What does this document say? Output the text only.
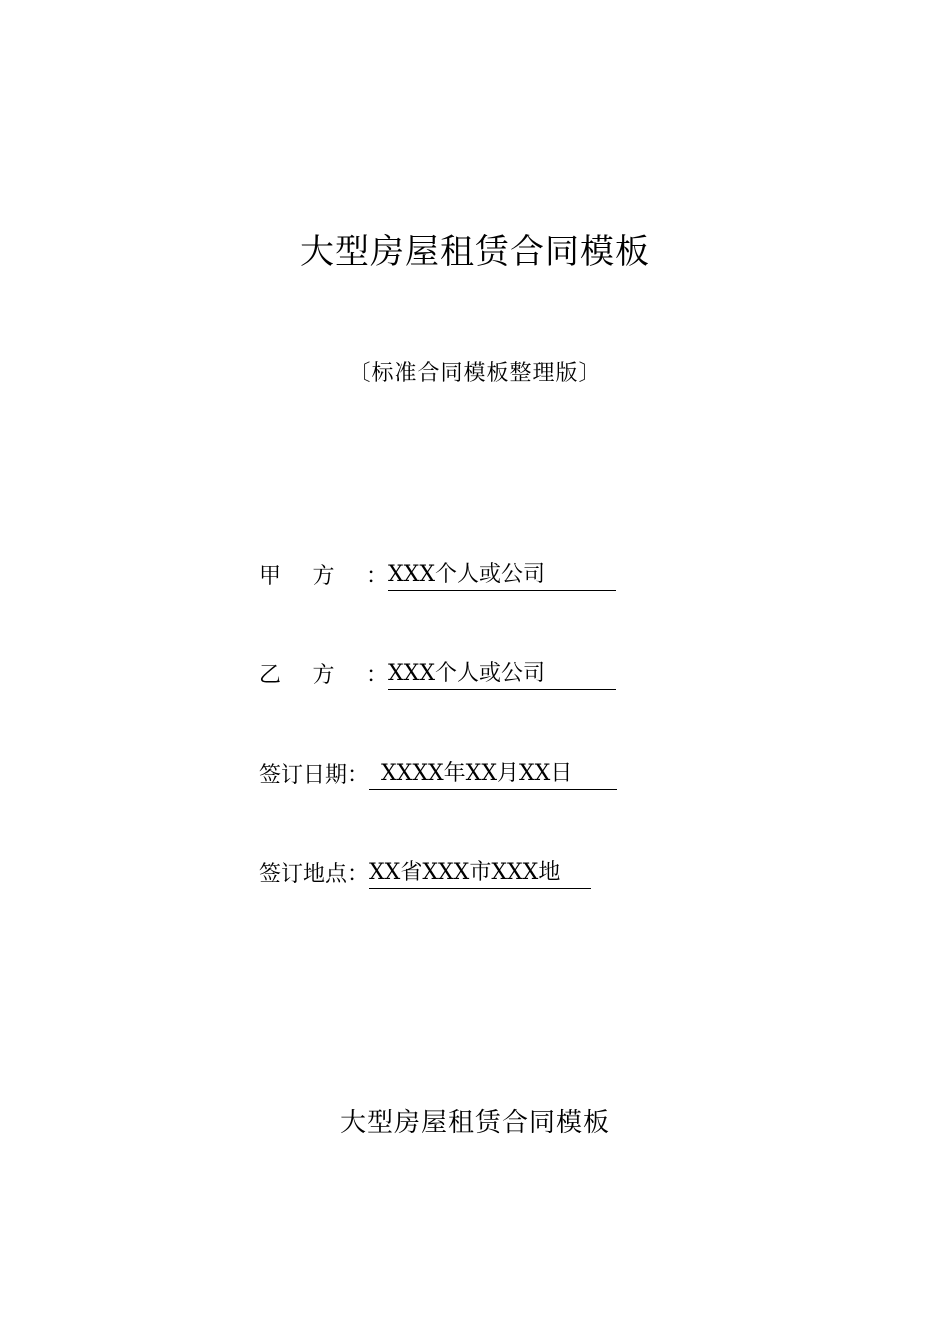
大型房屋租赁合同模板
〔标准合同模板整理版〕
甲方：XXX个人或公司
乙方：XXX个人或公司
签订日期： XXXX年XX月XX日
签订地点：XX省XXX市XXX地
大型房屋租赁合同模板
